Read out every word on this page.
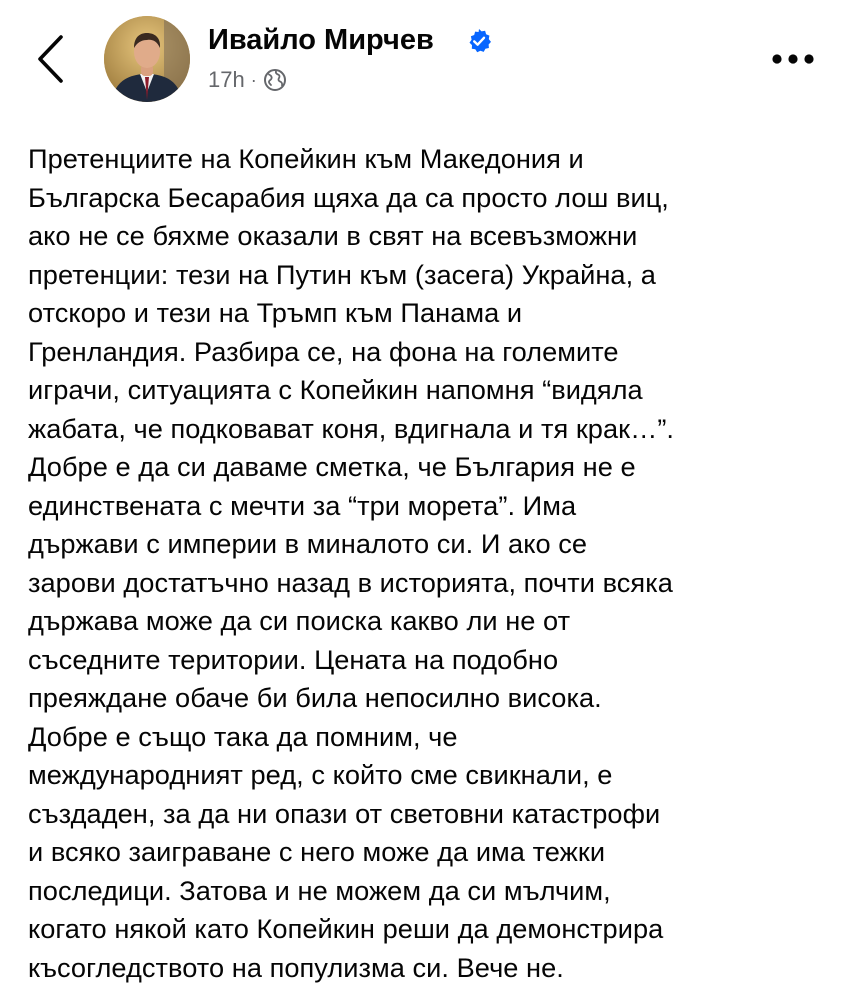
Ивайло Мирчев
17h ·

Претенциите на Копейкин към Македония и
Българска Бесарабия щяха да са просто лош виц,
ако не се бяхме оказали в свят на всевъзможни
претенции: тези на Путин към (засега) Украйна, а
отскоро и тези на Тръмп към Панама и
Гренландия. Разбира се, на фона на големите
играчи, ситуацията с Копейкин напомня “видяла
жабата, че подковават коня, вдигнала и тя крак…”.
Добре е да си даваме сметка, че България не е
единствената с мечти за “три морета”. Има
държави с империи в миналото си. И ако се
зарови достатъчно назад в историята, почти всяка
държава може да си поиска какво ли не от
съседните територии. Цената на подобно
преяждане обаче би била непосилно висока.
Добре е също така да помним, че
международният ред, с който сме свикнали, е
създаден, за да ни опази от световни катастрофи
и всяко заиграване с него може да има тежки
последици. Затова и не можем да си мълчим,
когато някой като Копейкин реши да демонстрира
късогледството на популизма си. Вече не.
